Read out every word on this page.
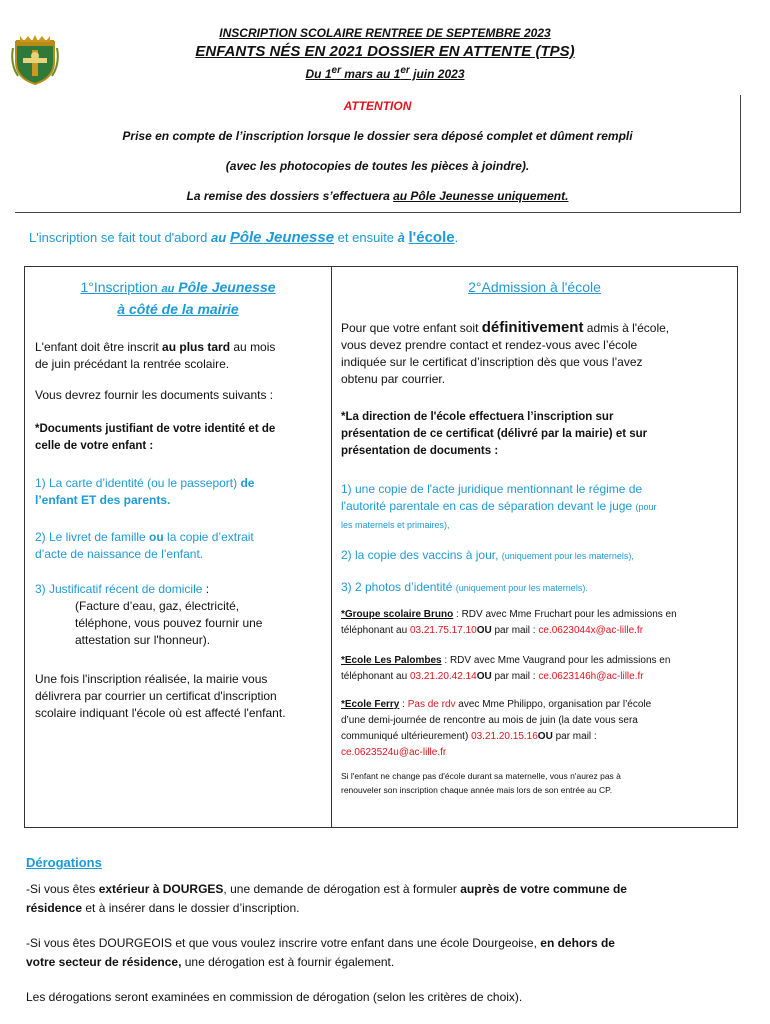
INSCRIPTION SCOLAIRE RENTREE DE SEPTEMBRE 2023
ENFANTS NÉS EN 2021 DOSSIER EN ATTENTE (TPS)
Du 1er mars au 1er juin 2023
ATTENTION
Prise en compte de l’inscription lorsque le dossier sera déposé complet et dûment rempli
(avec les photocopies de toutes les pièces à joindre).
La remise des dossiers s’effectuera au Pôle Jeunesse uniquement.
L'inscription se fait tout d'abord au Pôle Jeunesse et ensuite à l'école.
1°Inscription au Pôle Jeunesse
à côté de la mairie
L'enfant doit être inscrit au plus tard au mois
de juin précédant la rentrée scolaire.
Vous devrez fournir les documents suivants :
*Documents justifiant de votre identité et de
celle de votre enfant :
1) La carte d’identité (ou le passeport) de
l’enfant ET des parents.
2) Le livret de famille ou la copie d’extrait
d’acte de naissance de l’enfant.
3) Justificatif récent de domicile :
(Facture d’eau, gaz, électricité,
téléphone, vous pouvez fournir une
attestation sur l'honneur).
Une fois l'inscription réalisée, la mairie vous
délivrera par courrier un certificat d'inscription
scolaire indiquant l'école où est affecté l'enfant.
2°Admission à l'école
Pour que votre enfant soit définitivement admis à l'école,
vous devez prendre contact et rendez-vous avec l’école
indiquée sur le certificat d’inscription dès que vous l’avez
obtenu par courrier.
*La direction de l'école effectuera l’inscription sur
présentation de ce certificat (délivré par la mairie) et sur
présentation de documents :
1) une copie de l'acte juridique mentionnant le régime de
l'autorité parentale en cas de séparation devant le juge (pour
les maternels et primaires),
2) la copie des vaccins à jour, (uniquement pour les maternels),
3) 2 photos d’identité (uniquement pour les maternels).
*Groupe scolaire Bruno : RDV avec Mme Fruchart pour les admissions en
téléphonant au 03.21.75.17.10OU par mail : ce.0623044x@ac-lille.fr
*Ecole Les Palombes : RDV avec Mme Vaugrand pour les admissions en
téléphonant au 03.21.20.42.14OU par mail : ce.0623146h@ac-lille.fr
*Ecole Ferry : Pas de rdv avec Mme Philippo, organisation par l’école
d’une demi-journée de rencontre au mois de juin (la date vous sera
communiqué ultérieurement) 03.21.20.15.16OU par mail :
ce.0623524u@ac-lille.fr
Si l'enfant ne change pas d'école durant sa maternelle, vous n'aurez pas à
renouveler son inscription chaque année mais lors de son entrée au CP.
Dérogations
-Si vous êtes extérieur à DOURGES, une demande de dérogation est à formuler auprès de votre commune de
résidence et à insérer dans le dossier d’inscription.
-Si vous êtes DOURGEOIS et que vous voulez inscrire votre enfant dans une école Dourgeoise, en dehors de
votre secteur de résidence, une dérogation est à fournir également.
Les dérogations seront examinées en commission de dérogation (selon les critères de choix).
